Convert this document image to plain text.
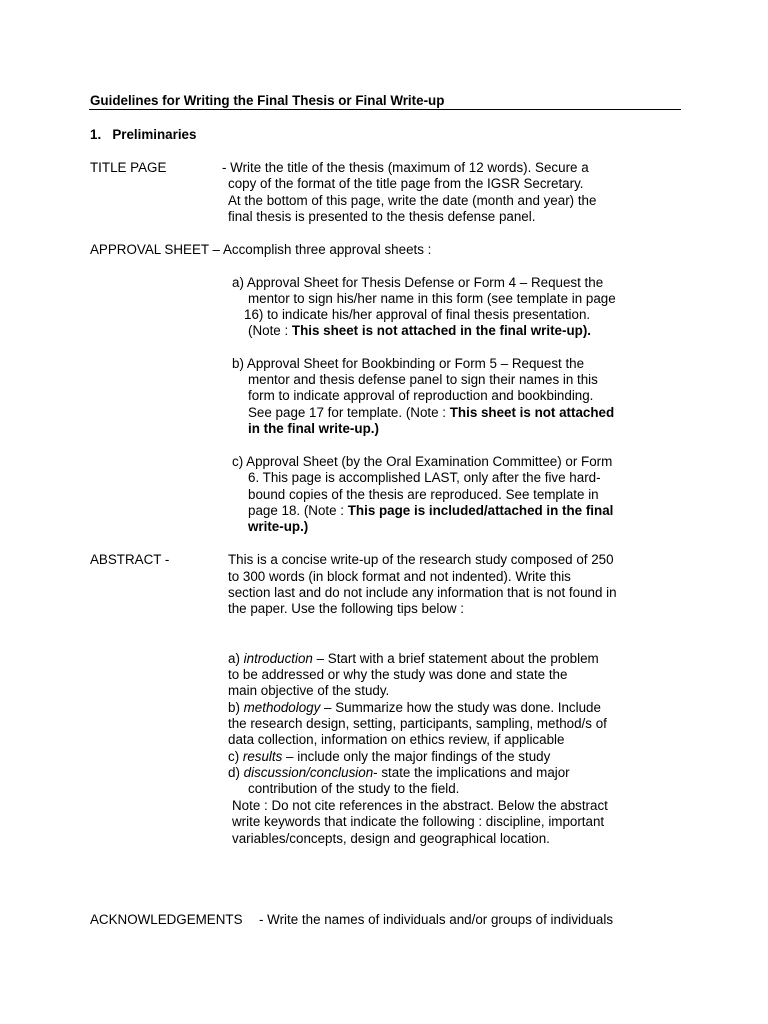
Guidelines for Writing the Final Thesis or Final Write-up
1. Preliminaries
TITLE PAGE	- Write the title of the thesis (maximum of 12 words). Secure a
copy of the format of the title page from the IGSR Secretary.
At the bottom of this page, write the date (month and year) the
final thesis is presented to the thesis defense panel.
APPROVAL SHEET – Accomplish three approval sheets :
a) Approval Sheet for Thesis Defense or Form 4 – Request the
mentor to sign his/her name in this form (see template in page
16) to indicate his/her approval of final thesis presentation.
(Note : This sheet is not attached in the final write-up).
b) Approval Sheet for Bookbinding or Form 5 – Request the
mentor and thesis defense panel to sign their names in this
form to indicate approval of reproduction and bookbinding.
See page 17 for template. (Note : This sheet is not attached
in the final write-up.)
c) Approval Sheet (by the Oral Examination Committee) or Form
6. This page is accomplished LAST, only after the five hard-
bound copies of the thesis are reproduced. See template in
page 18. (Note : This page is included/attached in the final
write-up.)
ABSTRACT -	This is a concise write-up of the research study composed of 250
to 300 words (in block format and not indented). Write this
section last and do not include any information that is not found in
the paper. Use the following tips below :
a) introduction – Start with a brief statement about the problem
to be addressed or why the study was done and state the
main objective of the study.
b) methodology – Summarize how the study was done. Include
the research design, setting, participants, sampling, method/s of
data collection, information on ethics review, if applicable
c) results – include only the major findings of the study
d) discussion/conclusion- state the implications and major
contribution of the study to the field.
Note : Do not cite references in the abstract. Below the abstract
write keywords that indicate the following : discipline, important
variables/concepts, design and geographical location.
ACKNOWLEDGEMENTS - Write the names of individuals and/or groups of individuals
